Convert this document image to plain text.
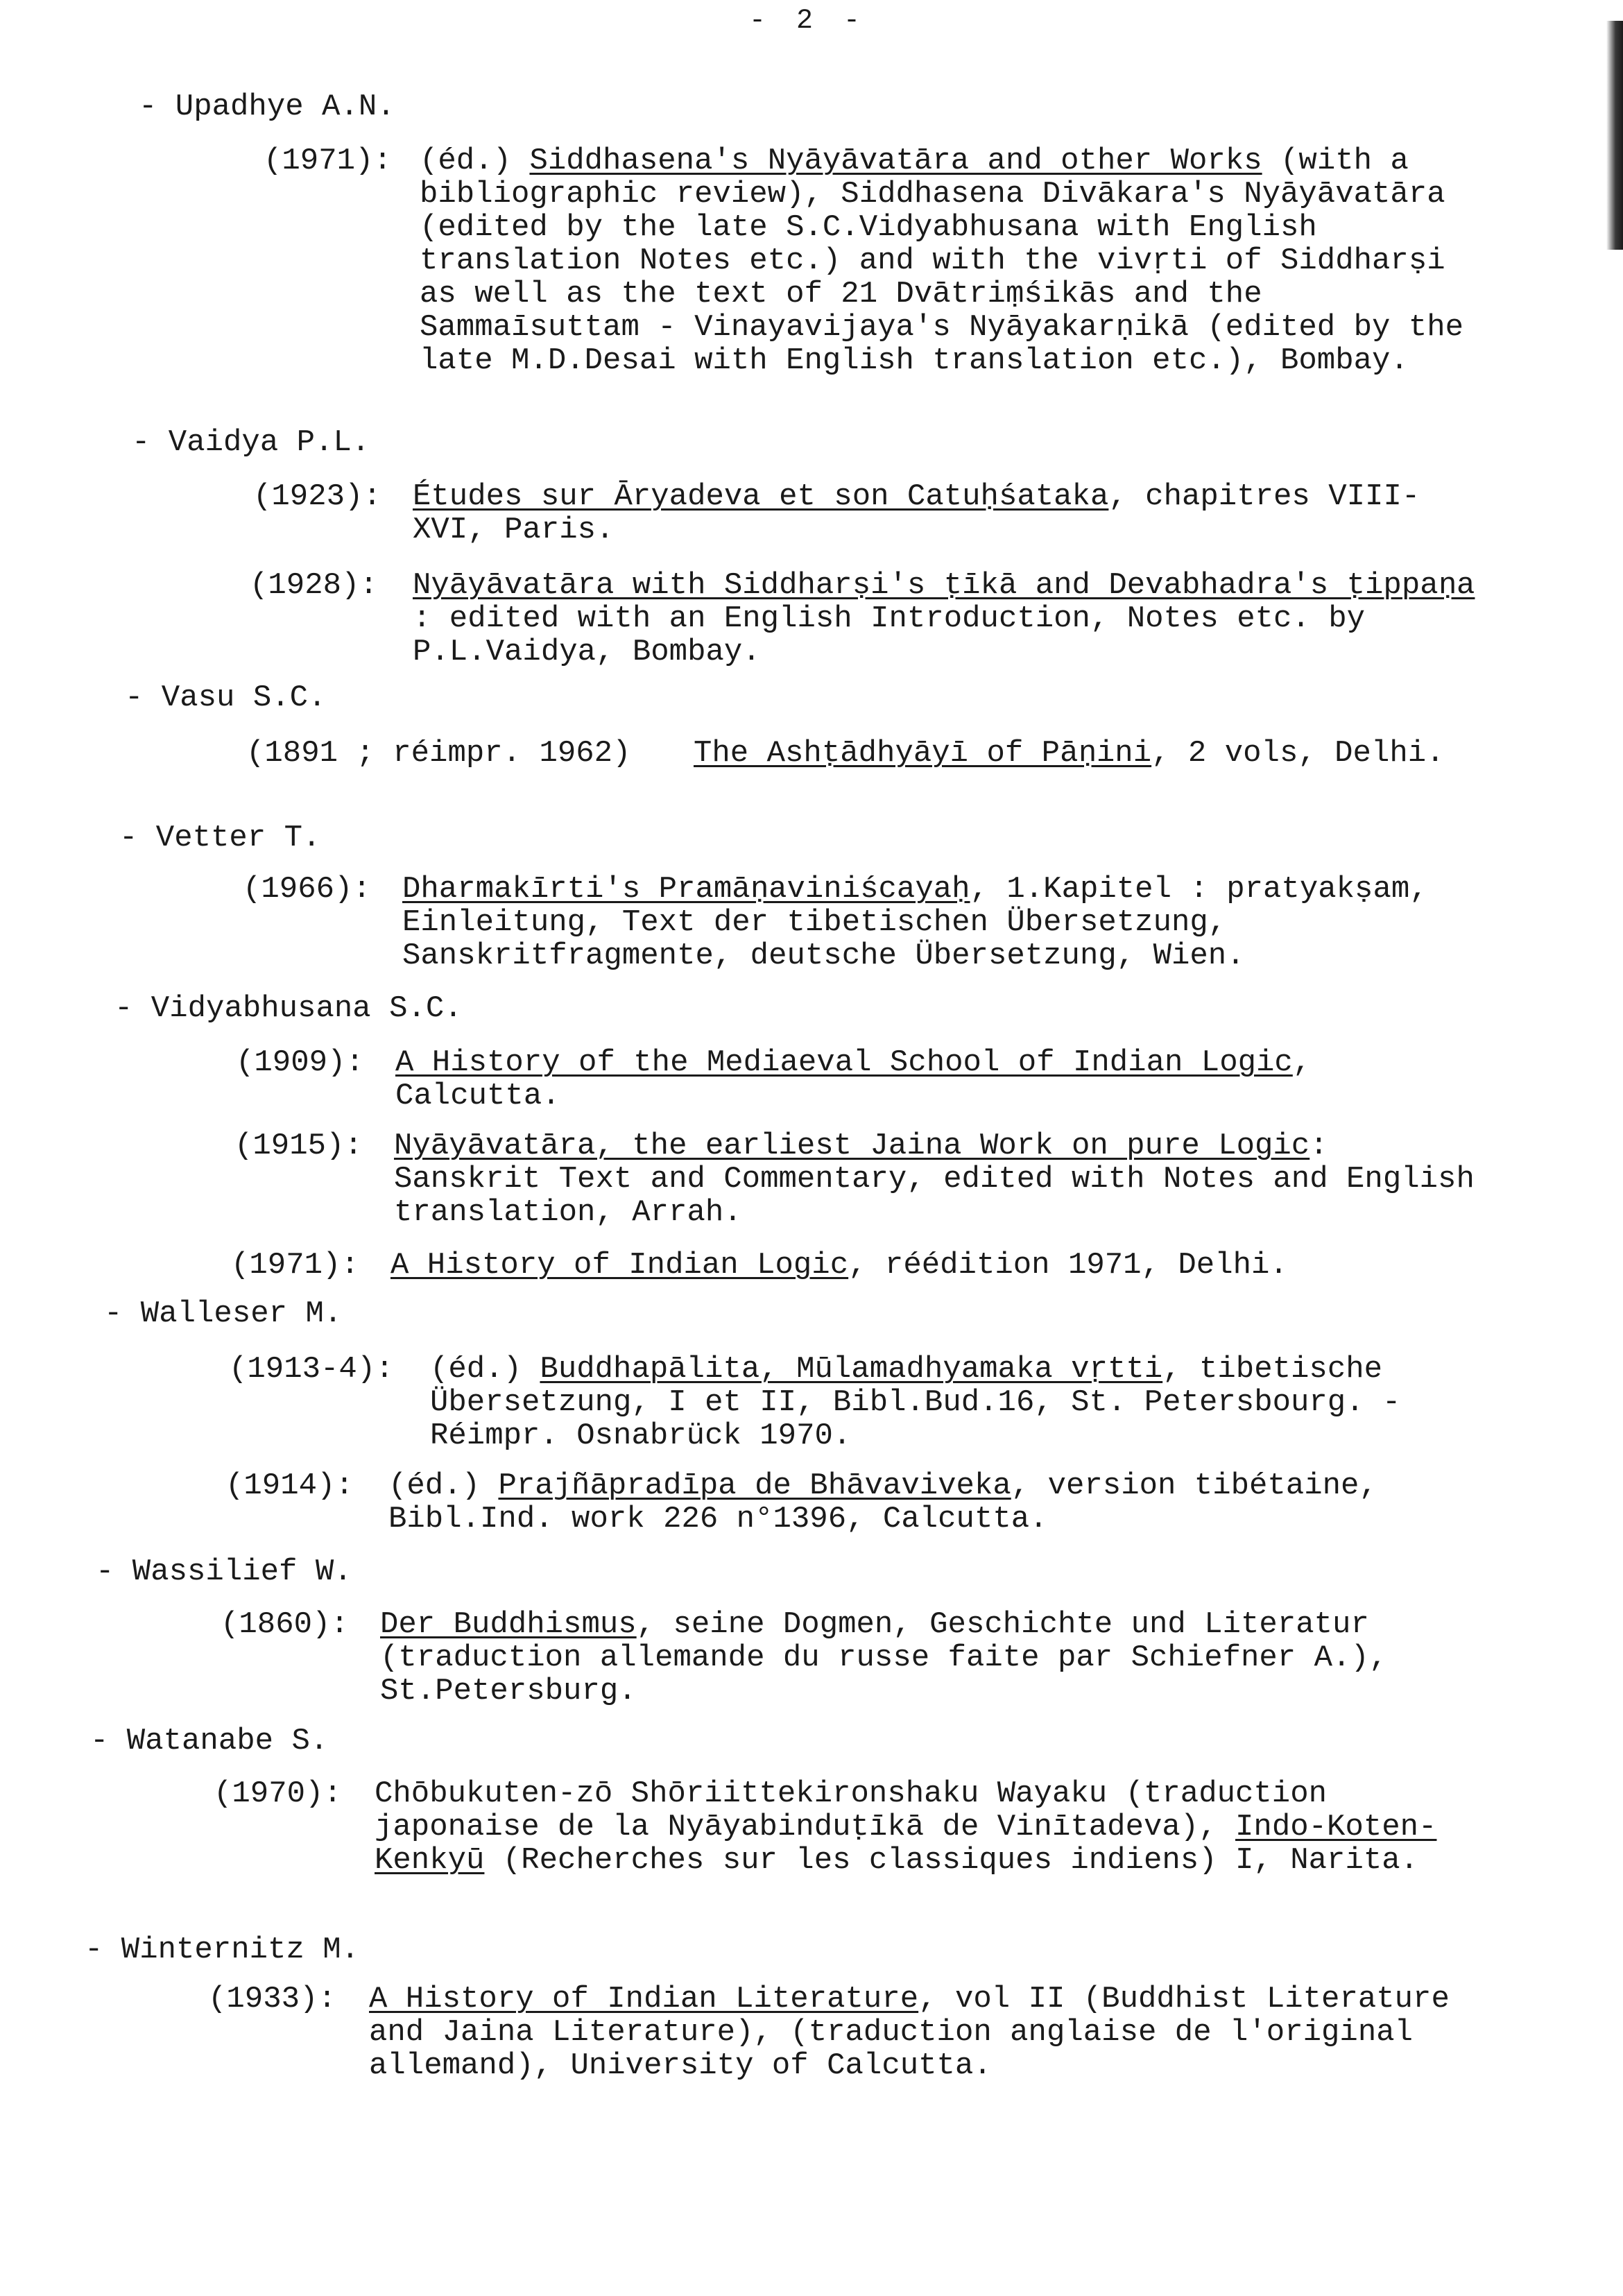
- 2 -
- Upadhye A.N.
(1971): (éd.) Siddhasena's Nyāyāvatāra and other Works (with a bibliographic review), Siddhasena Divākara's Nyāyāvatāra (edited by the late S.C.Vidyabhusana with English translation Notes etc.) and with the vivṛti of Siddharṣi as well as the text of 21 Dvātriṃśikās and the Sammaīsuttam - Vinayavijaya's Nyāyakarṇikā (edited by the late M.D.Desai with English translation etc.), Bombay.
- Vaidya P.L.
(1923): Études sur Āryadeva et son Catuḥśataka, chapitres VIII-XVI, Paris.
(1928): Nyāyāvatāra with Siddharṣi's ṭīkā and Devabhadra's ṭippaṇa : edited with an English Introduction, Notes etc. by P.L.Vaidya, Bombay.
- Vasu S.C.
(1891 ; réimpr. 1962) The Ashṭādhyāyī of Pāṇini, 2 vols, Delhi.
- Vetter T.
(1966): Dharmakīrti's Pramāṇaviniścayaḥ, 1.Kapitel : pratyakṣam, Einleitung, Text der tibetischen Übersetzung, Sanskritfragmente, deutsche Übersetzung, Wien.
- Vidyabhusana S.C.
(1909): A History of the Mediaeval School of Indian Logic, Calcutta.
(1915): Nyāyāvatāra, the earliest Jaina Work on pure Logic: Sanskrit Text and Commentary, edited with Notes and English translation, Arrah.
(1971): A History of Indian Logic, réédition 1971, Delhi.
- Walleser M.
(1913-4): (éd.) Buddhapālita, Mūlamadhyamaka vṛtti, tibetische Übersetzung, I et II, Bibl.Bud.16, St. Petersbourg. - Réimpr. Osnabrück 1970.
(1914): (éd.) Prajñāpradīpa de Bhāvaviveka, version tibétaine, Bibl.Ind. work 226 n°1396, Calcutta.
- Wassilief W.
(1860): Der Buddhismus, seine Dogmen, Geschichte und Literatur (traduction allemande du russe faite par Schiefner A.), St.Petersburg.
- Watanabe S.
(1970): Chōbukuten-zō Shōriittekironshaku Wayaku (traduction japonaise de la Nyāyabinduṭīkā de Vinītadeva), Indo-Koten-Kenkyū (Recherches sur les classiques indiens) I, Narita.
- Winternitz M.
(1933): A History of Indian Literature, vol II (Buddhist Literature and Jaina Literature), (traduction anglaise de l'original allemand), University of Calcutta.
